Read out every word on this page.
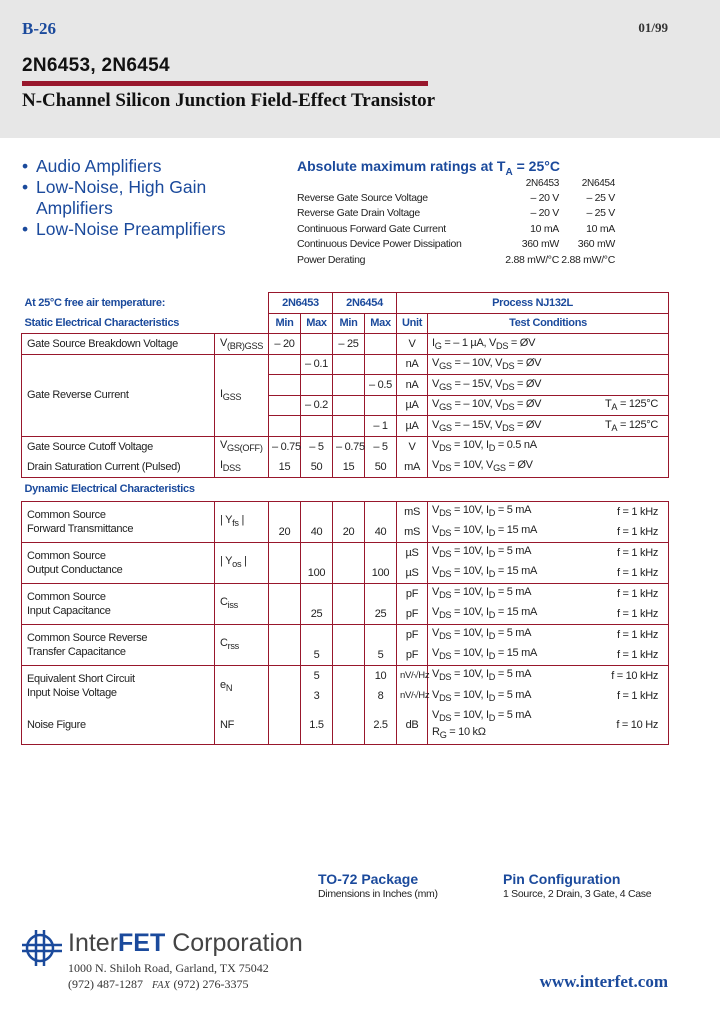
B-26	01/99
2N6453, 2N6454
N-Channel Silicon Junction Field-Effect Transistor
• Audio Amplifiers
• Low-Noise, High Gain Amplifiers
• Low-Noise Preamplifiers
Absolute maximum ratings at $T_A = 25^\circ C$
	2N6453	2N6454
Reverse Gate Source Voltage	– 20 V	– 25 V
Reverse Gate Drain Voltage	– 20 V	– 25 V
Continuous Forward Gate Current	10 mA	10 mA
Continuous Device Power Dissipation	360 mW	360 mW
Power Derating	2.88 mW/°C	2.88 mW/°C
At 25°C free air temperature:		2N6453		2N6454		Process NJ132L		
Static Electrical Characteristics		Min	Max	Min	Max	Unit	Test Conditions	
Gate Source Breakdown Voltage	$V_{(BR)GSS}$	– 20		– 25		V	$I_G$ = – 1 µA, $V_{DS}$ = ØV	
Gate Reverse Current	$I_{GSS}$		– 0.1			nA	$V_{GS}$ = – 10V, $V_{DS}$ = ØV	
					– 0.5	nA	$V_{GS}$ = – 15V, $V_{DS}$ = ØV	
			– 0.2			µA	$V_{GS}$ = – 10V, $V_{DS}$ = ØV	$T_A = 125^\circ C$
					– 1	µA	$V_{GS}$ = – 15V, $V_{DS}$ = ØV	$T_A = 125^\circ C$
Gate Source Cutoff Voltage	$V_{GS(OFF)}$	– 0.75	– 5	– 0.75	– 5	V	$V_{DS} = 10V$, $I_D = 0.5$ nA	
Drain Saturation Current (Pulsed)	$I_{DSS}$	15	50	15	50	mA	$V_{DS} = 10V$, $V_{GS}$ = ØV	
Dynamic Electrical Characteristics								
Common Source
Forward Transmittance	| $Y_{fs}$ |					mS	$V_{DS} = 10V$, $I_D = 5$ mA	f = 1 kHz
		20	40	20	40	mS	$V_{DS} = 10V$, $I_D = 15$ mA	f = 1 kHz
Common Source
Output Conductance	| $Y_{os}$ |					µS	$V_{DS} = 10V$, $I_D = 5$ mA	f = 1 kHz
			100		100	µS	$V_{DS} = 10V$, $I_D = 15$ mA	f = 1 kHz
Common Source
Input Capacitance	$C_{iss}$					pF	$V_{DS} = 10V$, $I_D = 5$ mA	f = 1 kHz
			25		25	pF	$V_{DS} = 10V$, $I_D = 15$ mA	f = 1 kHz
Common Source Reverse
Transfer Capacitance	$C_{rss}$					pF	$V_{DS} = 10V$, $I_D = 5$ mA	f = 1 kHz
			5		5	pF	$V_{DS} = 10V$, $I_D = 15$ mA	f = 1 kHz
Equivalent Short Circuit
Input Noise Voltage	$e_N$		5		10	nV/√Hz	$V_{DS} = 10V$, $I_D = 5$ mA	f = 10 kHz
			3		8	nV/√Hz	$V_{DS} = 10V$, $I_D = 5$ mA	f = 1 kHz
Noise Figure	NF		1.5		2.5	dB	$V_{DS} = 10V$, $I_D = 5$ mA
$R_G = 10$ kΩ	f = 10 Hz
TO-72 Package
Dimensions in Inches (mm)
Pin Configuration
1 Source, 2 Drain, 3 Gate, 4 Case
InterFET Corporation
1000 N. Shiloh Road, Garland, TX 75042
(972) 487-1287 FAX (972) 276-3375	www.interfet.com
